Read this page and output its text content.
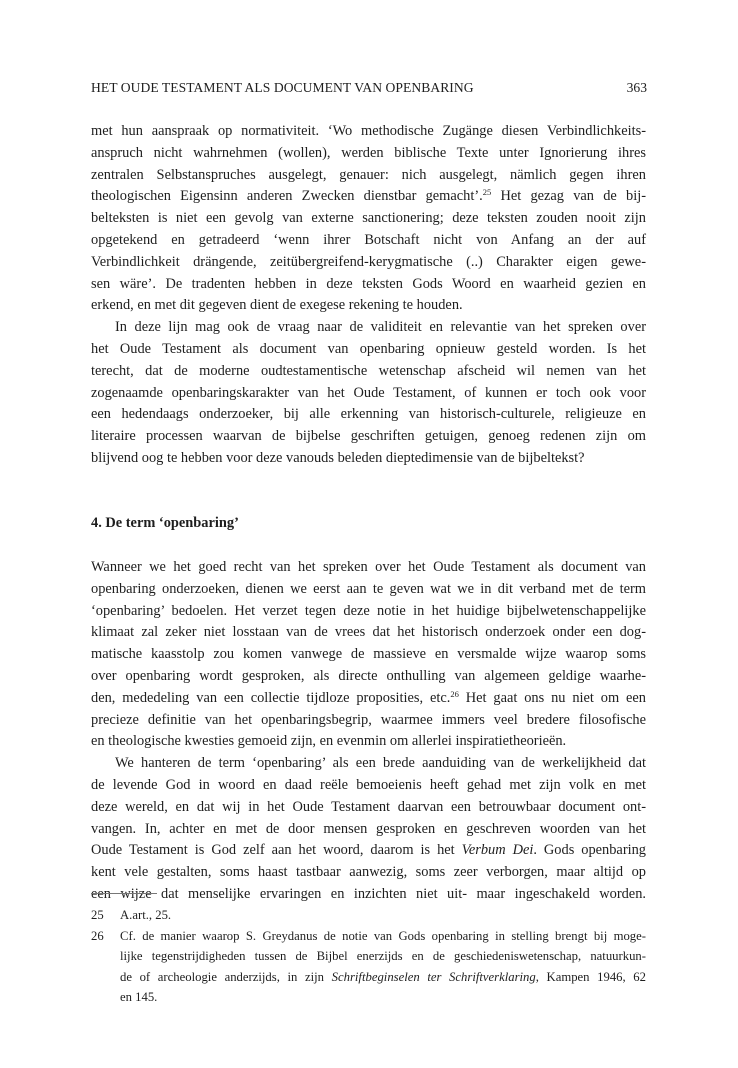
HET OUDE TESTAMENT ALS DOCUMENT VAN OPENBARING	363
met hun aanspraak op normativiteit. ‘Wo methodische Zugänge diesen Verbindlichkeits-
anspruch nicht wahrnehmen (wollen), werden biblische Texte unter Ignorierung ihres
zentralen Selbstanspruches ausgelegt, genauer: nich ausgelegt, nämlich gegen ihren
theologischen Eigensinn anderen Zwecken dienstbar gemacht’.$^{25}$ Het gezag van de bij-
belteksten is niet een gevolg van externe sanctionering; deze teksten zouden nooit zijn
opgetekend en getradeerd ‘wenn ihrer Botschaft nicht von Anfang an der auf
Verbindlichkeit drängende, zeitübergreifend-kerygmatische (..) Charakter eigen gewe-
sen wäre’. De tradenten hebben in deze teksten Gods Woord en waarheid gezien en
erkend, en met dit gegeven dient de exegese rekening te houden.
In deze lijn mag ook de vraag naar de validiteit en relevantie van het spreken over
het Oude Testament als document van openbaring opnieuw gesteld worden. Is het
terecht, dat de moderne oudtestamentische wetenschap afscheid wil nemen van het
zogenaamde openbaringskarakter van het Oude Testament, of kunnen er toch ook voor
een hedendaags onderzoeker, bij alle erkenning van historisch-culturele, religieuze en
literaire processen waarvan de bijbelse geschriften getuigen, genoeg redenen zijn om
blijvend oog te hebben voor deze vanouds beleden dieptedimensie van de bijbeltekst?
4. De term ‘openbaring’
Wanneer we het goed recht van het spreken over het Oude Testament als document van
openbaring onderzoeken, dienen we eerst aan te geven wat we in dit verband met de term
‘openbaring’ bedoelen. Het verzet tegen deze notie in het huidige bijbelwetenschappelijke
klimaat zal zeker niet losstaan van de vrees dat het historisch onderzoek onder een dog-
matische kaasstolp zou komen vanwege de massieve en versmalde wijze waarop soms
over openbaring wordt gesproken, als directe onthulling van algemeen geldige waarhe-
den, mededeling van een collectie tijdloze proposities, etc.$^{26}$ Het gaat ons nu niet om een
precieze definitie van het openbaringsbegrip, waarmee immers veel bredere filosofische
en theologische kwesties gemoeid zijn, en evenmin om allerlei inspiratietheorieën.
We hanteren de term ‘openbaring’ als een brede aanduiding van de werkelijkheid dat
de levende God in woord en daad reële bemoeienis heeft gehad met zijn volk en met
deze wereld, en dat wij in het Oude Testament daarvan een betrouwbaar document ont-
vangen. In, achter en met de door mensen gesproken en geschreven woorden van het
Oude Testament is God zelf aan het woord, daarom is het Verbum Dei. Gods openbaring
kent vele gestalten, soms haast tastbaar aanwezig, soms zeer verborgen, maar altijd op
een wijze dat menselijke ervaringen en inzichten niet uit- maar ingeschakeld worden.
25 A.art., 25.
26 Cf. de manier waarop S. Greydanus de notie van Gods openbaring in stelling brengt bij moge-
lijke tegenstrijdigheden tussen de Bijbel enerzijds en de geschiedeniswetenschap, natuurkun-
de of archeologie anderzijds, in zijn Schriftbeginselen ter Schriftverklaring, Kampen 1946, 62
en 145.
